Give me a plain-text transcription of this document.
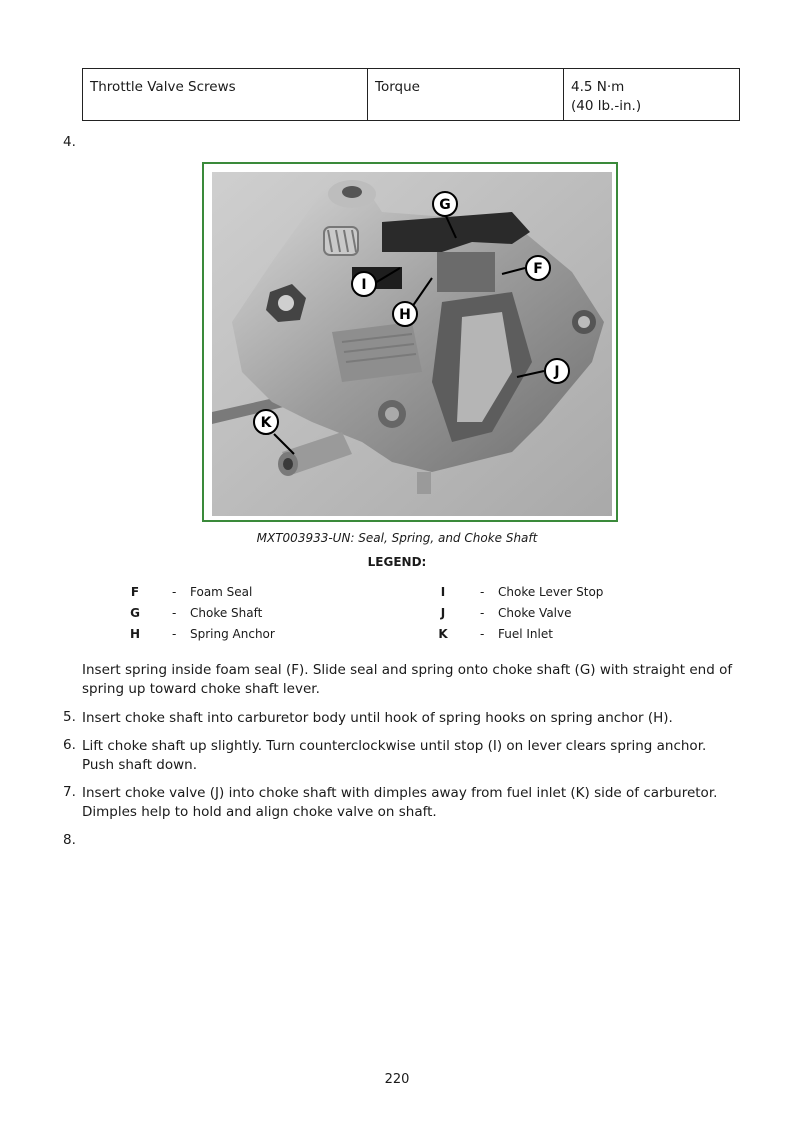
Throttle Valve Screws	Torque	4.5 N·m
(40 lb.-in.)
4.
G
F
I
H
J
K
MXT003933-UN: Seal, Spring, and Choke Shaft
LEGEND:
F	- Foam Seal
G	- Choke Shaft
H	- Spring Anchor
I	- Choke Lever Stop
J	- Choke Valve
K	- Fuel Inlet
Insert spring inside foam seal (F). Slide seal and spring onto choke shaft (G) with straight end of spring up toward choke shaft lever.
5. Insert choke shaft into carburetor body until hook of spring hooks on spring anchor (H).
6. Lift choke shaft up slightly. Turn counterclockwise until stop (I) on lever clears spring anchor. Push shaft down.
7. Insert choke valve (J) into choke shaft with dimples away from fuel inlet (K) side of carburetor. Dimples help to hold and align choke valve on shaft.
8.
220
